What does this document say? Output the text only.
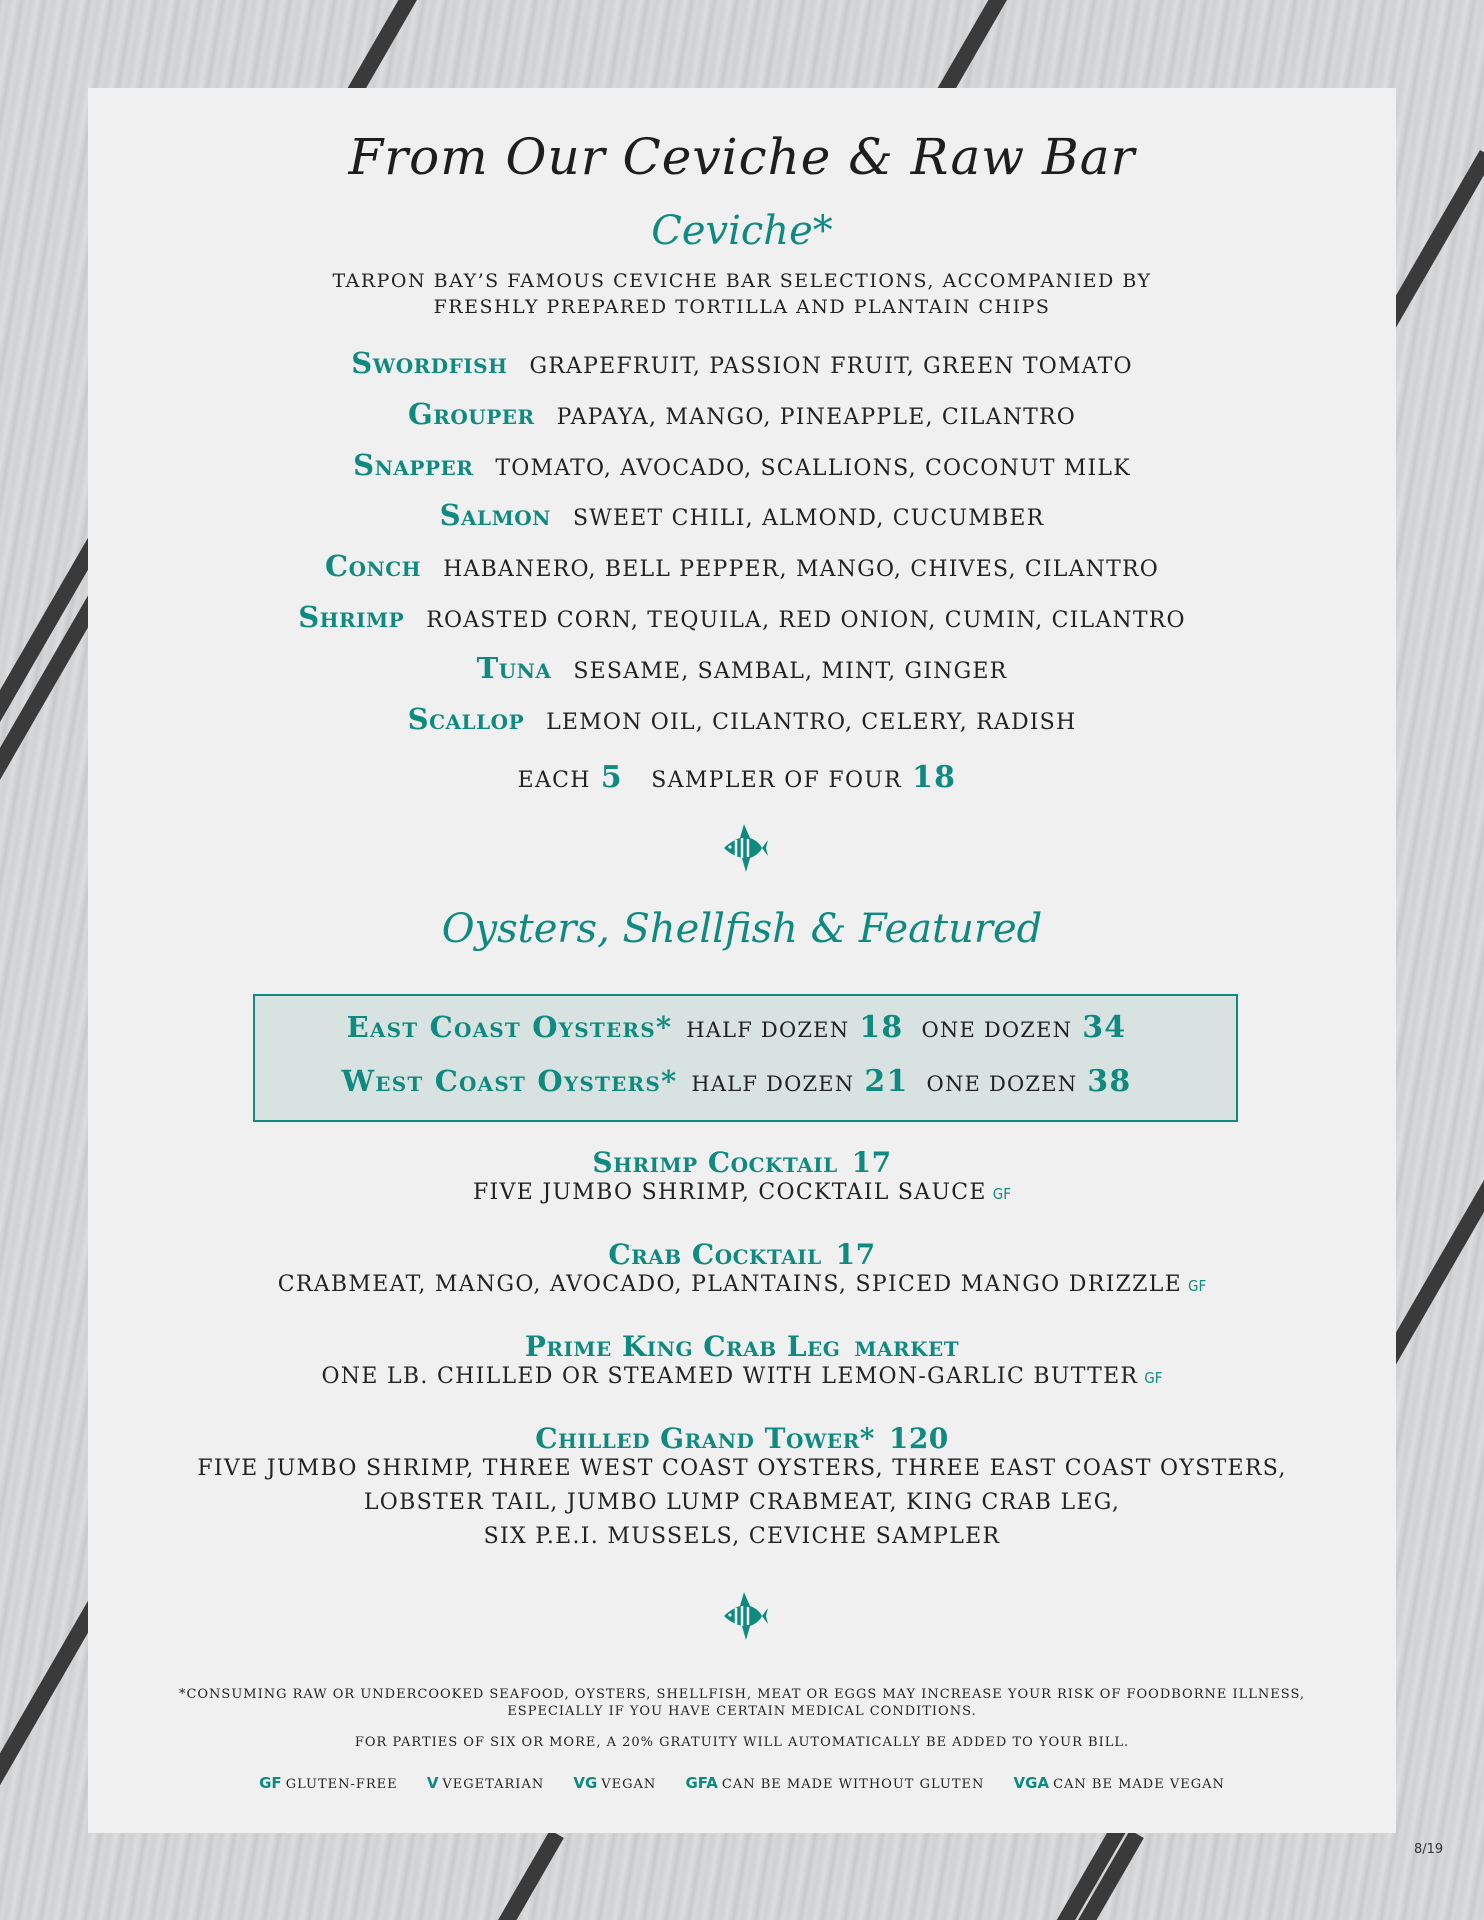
From Our Ceviche & Raw Bar
Ceviche*
TARPON BAY’S FAMOUS CEVICHE BAR SELECTIONS, ACCOMPANIED BY
FRESHLY PREPARED TORTILLA AND PLANTAIN CHIPS
Swordfish GRAPEFRUIT, PASSION FRUIT, GREEN TOMATO
Grouper PAPAYA, MANGO, PINEAPPLE, CILANTRO
Snapper TOMATO, AVOCADO, SCALLIONS, COCONUT MILK
Salmon SWEET CHILI, ALMOND, CUCUMBER
Conch HABANERO, BELL PEPPER, MANGO, CHIVES, CILANTRO
Shrimp ROASTED CORN, TEQUILA, RED ONION, CUMIN, CILANTRO
Tuna SESAME, SAMBAL, MINT, GINGER
Scallop LEMON OIL, CILANTRO, CELERY, RADISH
EACH 5 SAMPLER OF FOUR 18
Oysters, Shellfish & Featured
East Coast Oysters* HALF DOZEN 18 ONE DOZEN 34
West Coast Oysters* HALF DOZEN 21 ONE DOZEN 38
Shrimp Cocktail 17
FIVE JUMBO SHRIMP, COCKTAIL SAUCE GF
Crab Cocktail 17
CRABMEAT, MANGO, AVOCADO, PLANTAINS, SPICED MANGO DRIZZLE GF
Prime King Crab Leg market
ONE LB. CHILLED OR STEAMED WITH LEMON-GARLIC BUTTER GF
Chilled Grand Tower* 120
FIVE JUMBO SHRIMP, THREE WEST COAST OYSTERS, THREE EAST COAST OYSTERS,
LOBSTER TAIL, JUMBO LUMP CRABMEAT, KING CRAB LEG,
SIX P.E.I. MUSSELS, CEVICHE SAMPLER
*CONSUMING RAW OR UNDERCOOKED SEAFOOD, OYSTERS, SHELLFISH, MEAT OR EGGS MAY INCREASE YOUR RISK OF FOODBORNE ILLNESS,
ESPECIALLY IF YOU HAVE CERTAIN MEDICAL CONDITIONS.
FOR PARTIES OF SIX OR MORE, A 20% GRATUITY WILL AUTOMATICALLY BE ADDED TO YOUR BILL.
GF GLUTEN-FREE V VEGETARIAN VG VEGAN GFA CAN BE MADE WITHOUT GLUTEN VGA CAN BE MADE VEGAN
8/19
